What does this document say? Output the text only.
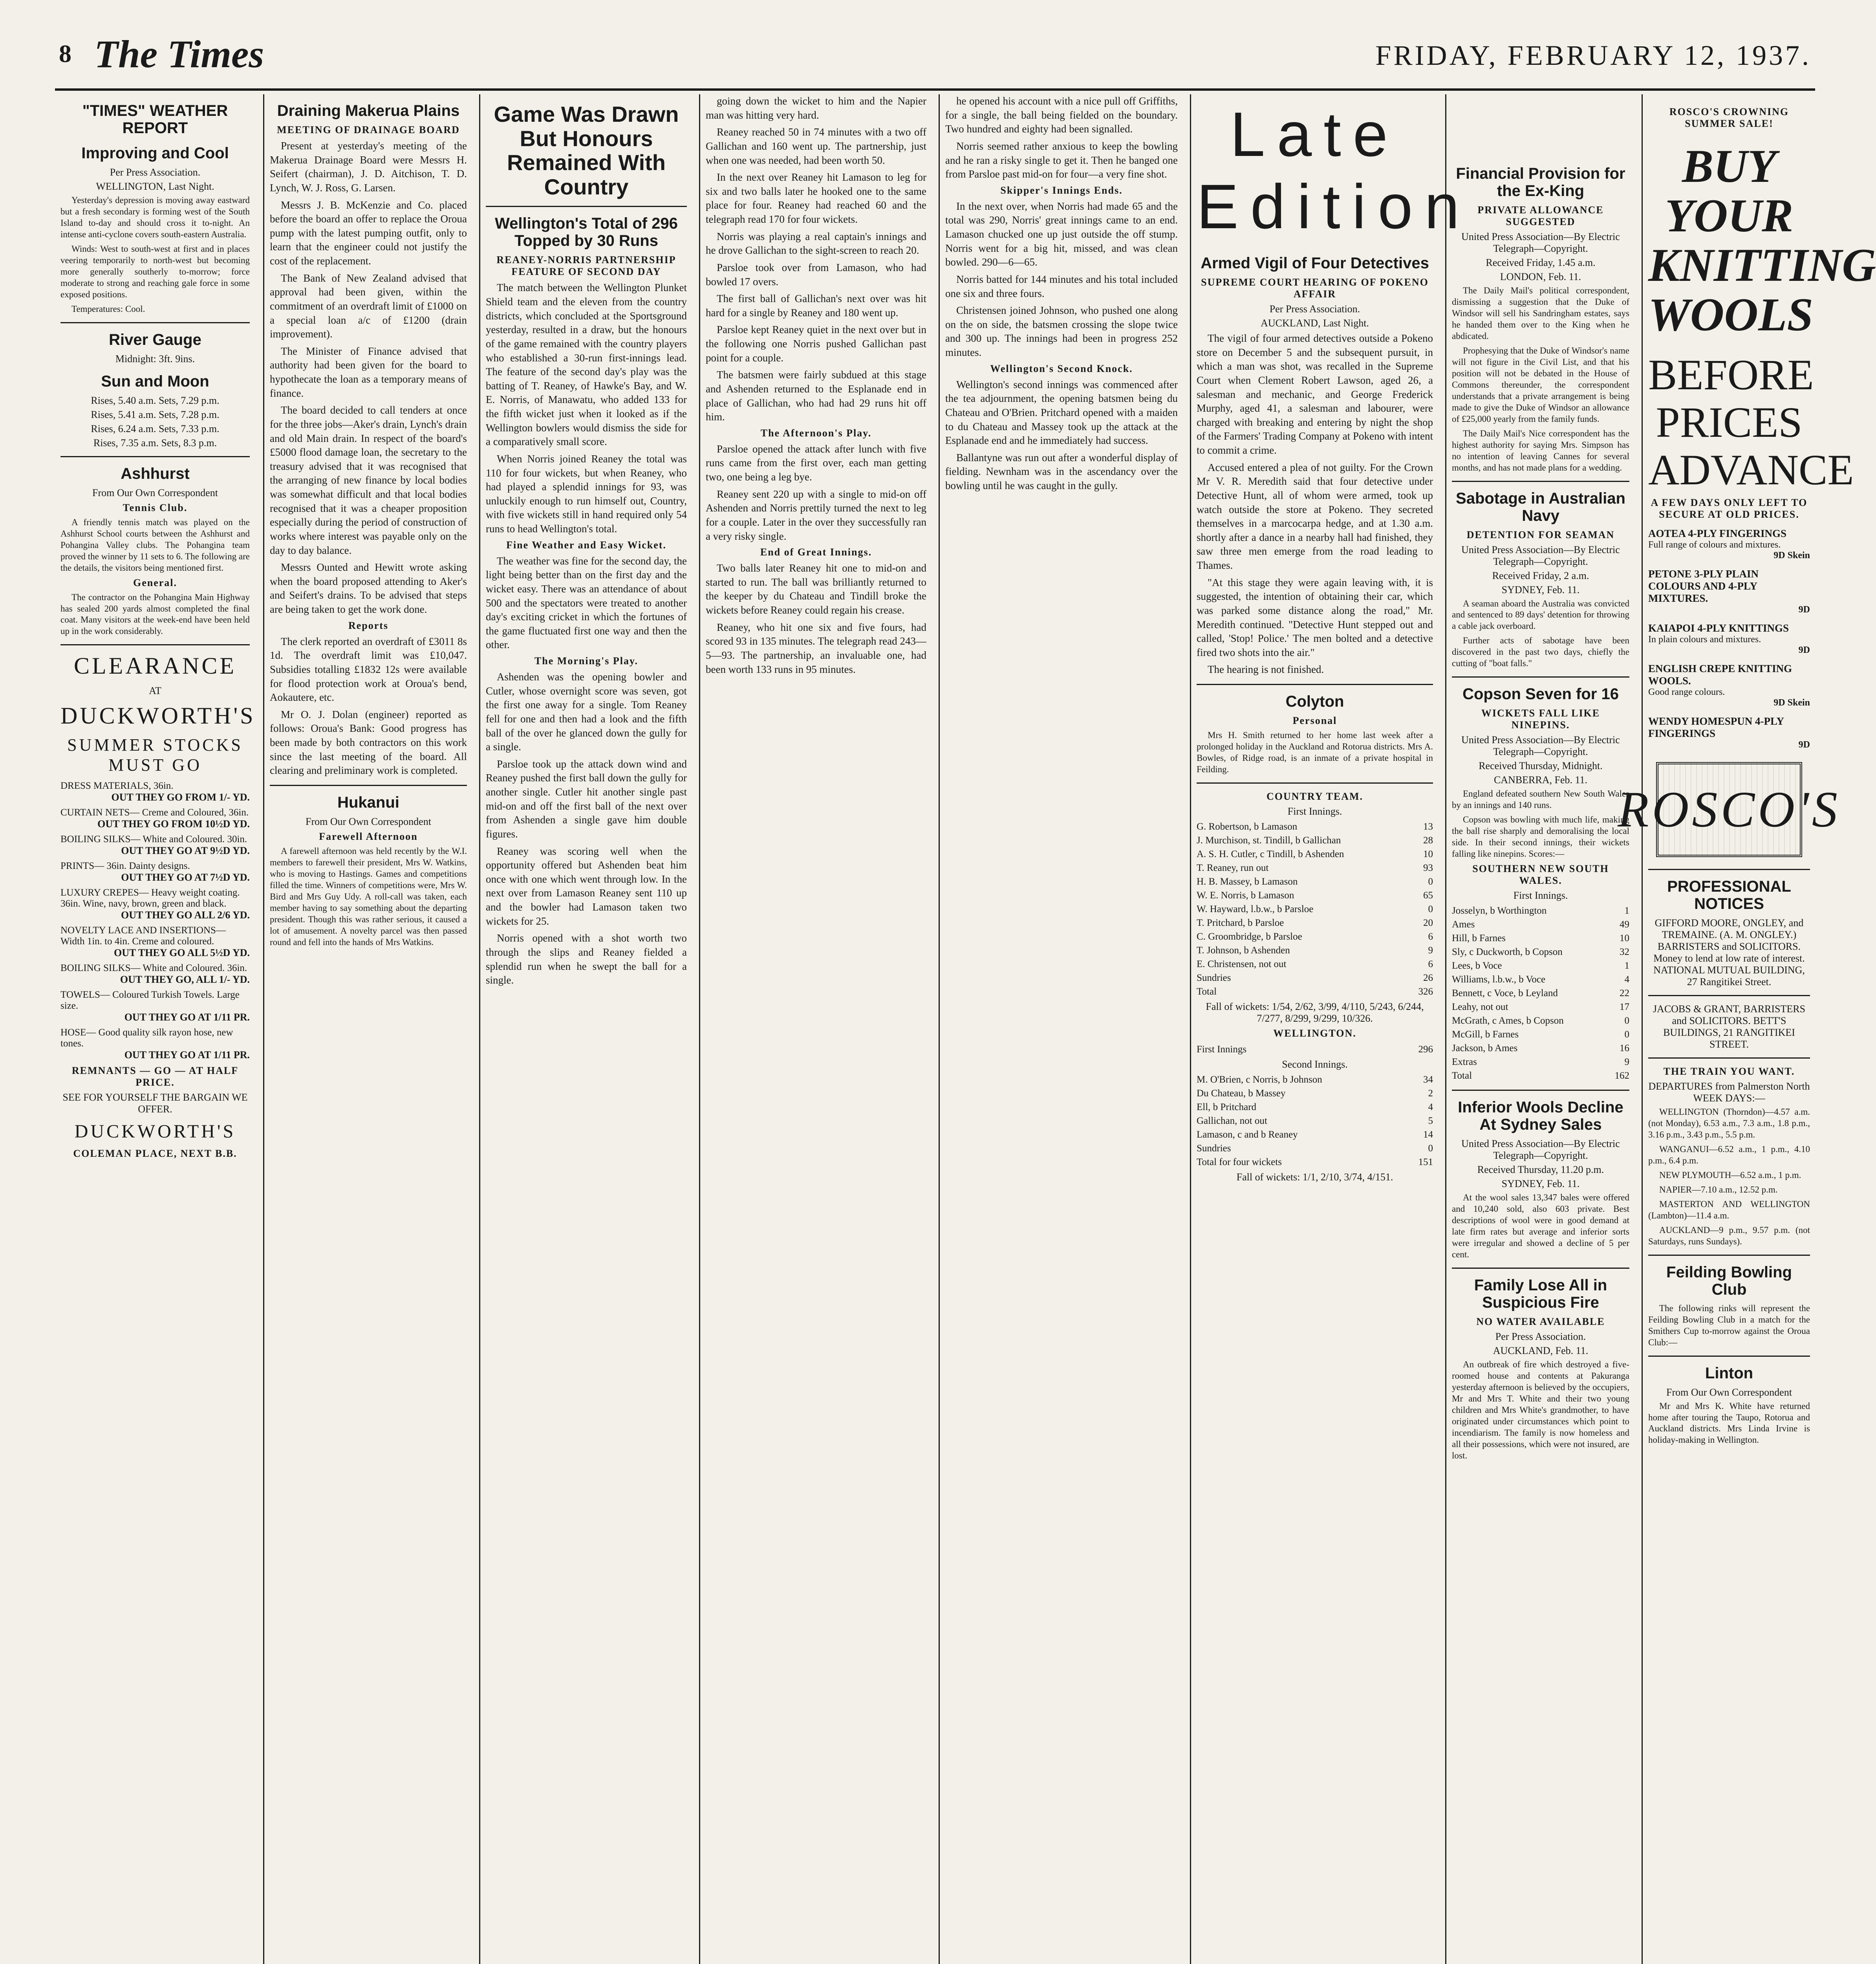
8 The Times	FRIDAY, FEBRUARY 12, 1937.
"TIMES" WEATHER REPORT
Improving and Cool
Per Press Association.
WELLINGTON, Last Night.

Yesterday's depression is moving away eastward but a fresh secondary is forming west of the South Island to-day and should cross it to-night. An intense anti-cyclone covers south-eastern Australia.

Winds: West to south-west at first and in places veering temporarily to north-west but becoming more generally southerly to-morrow; force moderate to strong and reaching gale force in some exposed positions.

Temperatures: Cool.

River Gauge
Midnight: 3ft. 9ins.
Sun and Moon
Rises, 5.40 a.m. Sets, 7.29 p.m.
Rises, 5.41 a.m. Sets, 7.28 p.m.
Rises, 6.24 a.m. Sets, 7.33 p.m.
Rises, 7.35 a.m. Sets, 8.3 p.m.
Ashhurst
From Our Own Correspondent
Tennis Club.

A friendly tennis match was played on the Ashhurst School courts between the Ashhurst and Pohangina Valley clubs. The Pohangina team proved the winner by 11 sets to 6. The following are the details, the visitors being mentioned first.

General.

The contractor on the Pohangina Main Highway has sealed 200 yards almost completed the final coat. Many visitors at the week-end have been held up in the work considerably.

CLEARANCE
AT
DUCKWORTH'S
SUMMER STOCKS MUST GO
DRESS MATERIALS, 36in.
OUT THEY GO FROM 1/- YD.
CURTAIN NETS— Creme and Coloured, 36in.
OUT THEY GO FROM 10½D YD.
BOILING SILKS— White and Coloured. 30in.
OUT THEY GO AT 9½D YD.
PRINTS— 36in. Dainty designs.
OUT THEY GO AT 7½D YD.
LUXURY CREPES— Heavy weight coating. 36in. Wine, navy, brown, green and black.
OUT THEY GO ALL 2/6 YD.
NOVELTY LACE AND INSERTIONS— Width 1in. to 4in. Creme and coloured.
OUT THEY GO ALL 5½D YD.
BOILING SILKS— White and Coloured. 36in.
OUT THEY GO, ALL 1/- YD.
TOWELS— Coloured Turkish Towels. Large size.
OUT THEY GO AT 1/11 PR.
HOSE— Good quality silk rayon hose, new tones.
OUT THEY GO AT 1/11 PR.
REMNANTS — GO — AT HALF PRICE.
SEE FOR YOURSELF THE BARGAIN WE OFFER.
DUCKWORTH'S
COLEMAN PLACE, NEXT B.B.
Draining Makerua Plains
MEETING OF DRAINAGE BOARD

Present at yesterday's meeting of the Makerua Drainage Board were Messrs H. Seifert (chairman), J. D. Aitchison, T. D. Lynch, W. J. Ross, G. Larsen.

Messrs J. B. McKenzie and Co. placed before the board an offer to replace the Oroua pump with the latest pumping outfit, only to learn that the engineer could not justify the cost of the replacement.

The Bank of New Zealand advised that approval had been given, within the commitment of an overdraft limit of £1000 on a special loan a/c of £1200 (drain improvement).

The Minister of Finance advised that authority had been given for the board to hypothecate the loan as a temporary means of finance.

The board decided to call tenders at once for the three jobs—Aker's drain, Lynch's drain and old Main drain. In respect of the board's £5000 flood damage loan, the secretary to the treasury advised that it was recognised that the arranging of new finance by local bodies was somewhat difficult and that local bodies recognised that it was a cheaper proposition especially during the period of construction of works where interest was payable only on the day to day balance.

Messrs Ounted and Hewitt wrote asking when the board proposed attending to Aker's and Seifert's drains. To be advised that steps are being taken to get the work done.

Reports

The clerk reported an overdraft of £3011 8s 1d. The overdraft limit was £10,047. Subsidies totalling £1832 12s were available for flood protection work at Oroua's bend, Aokautere, etc.

Mr O. J. Dolan (engineer) reported as follows: Oroua's Bank: Good progress has been made by both contractors on this work since the last meeting of the board. All clearing and preliminary work is completed.

Hukanui
From Our Own Correspondent
Farewell Afternoon

A farewell afternoon was held recently by the W.I. members to farewell their president, Mrs W. Watkins, who is moving to Hastings. Games and competitions filled the time. Winners of competitions were, Mrs W. Bird and Mrs Guy Udy. A roll-call was taken, each member having to say something about the departing president. Though this was rather serious, it caused a lot of amusement. A novelty parcel was then passed round and fell into the hands of Mrs Watkins.

Game Was Drawn But Honours Remained With Country
Wellington's Total of 296 Topped by 30 Runs
REANEY-NORRIS PARTNERSHIP FEATURE OF SECOND DAY

The match between the Wellington Plunket Shield team and the eleven from the country districts, which concluded at the Sportsground yesterday, resulted in a draw, but the honours of the game remained with the country players who established a 30-run first-innings lead. The feature of the second day's play was the batting of T. Reaney, of Hawke's Bay, and W. E. Norris, of Manawatu, who added 133 for the fifth wicket just when it looked as if the Wellington bowlers would dismiss the side for a comparatively small score.

When Norris joined Reaney the total was 110 for four wickets, but when Reaney, who had played a splendid innings for 93, was unluckily enough to run himself out, Country, with five wickets still in hand required only 54 runs to head Wellington's total.

Fine Weather and Easy Wicket.

The weather was fine for the second day, the light being better than on the first day and the wicket easy. There was an attendance of about 500 and the spectators were treated to another day's exciting cricket in which the fortunes of the game fluctuated first one way and then the other.

The Morning's Play.

Ashenden was the opening bowler and Cutler, whose overnight score was seven, got the first one away for a single. Tom Reaney fell for one and then had a look and the fifth ball of the over he glanced down the gully for a single.

Parsloe took up the attack down wind and Reaney pushed the first ball down the gully for another single. Cutler hit another single past mid-on and off the first ball of the next over from Ashenden a single gave him double figures.

Reaney was scoring well when the opportunity offered but Ashenden beat him once with one which went through low. In the next over from Lamason Reaney sent 110 up and the bowler had Lamason taken two wickets for 25.

Norris opened with a shot worth two through the slips and Reaney fielded a splendid run when he swept the ball for a single.

going down the wicket to him and the Napier man was hitting very hard.

Reaney reached 50 in 74 minutes with a two off Gallichan and 160 went up. The partnership, just when one was needed, had been worth 50.

In the next over Reaney hit Lamason to leg for six and two balls later he hooked one to the same place for four. Reaney had reached 60 and the telegraph read 170 for four wickets.

Norris was playing a real captain's innings and he drove Gallichan to the sight-screen to reach 20.

Parsloe took over from Lamason, who had bowled 17 overs.

The first ball of Gallichan's next over was hit hard for a single by Reaney and 180 went up.

Parsloe kept Reaney quiet in the next over but in the following one Norris pushed Gallichan past point for a couple.

The batsmen were fairly subdued at this stage and Ashenden returned to the Esplanade end in place of Gallichan, who had had 29 runs hit off him.

The Afternoon's Play.

Parsloe opened the attack after lunch with five runs came from the first over, each man getting two, one being a leg bye.

Reaney sent 220 up with a single to mid-on off Ashenden and Norris prettily turned the next to leg for a couple. Later in the over they successfully ran a very risky single.

End of Great Innings.

Two balls later Reaney hit one to mid-on and started to run. The ball was brilliantly returned to the keeper by du Chateau and Tindill broke the wickets before Reaney could regain his crease.

Reaney, who hit one six and five fours, had scored 93 in 135 minutes. The telegraph read 243—5—93. The partnership, an invaluable one, had been worth 133 runs in 95 minutes.

he opened his account with a nice pull off Griffiths, for a single, the ball being fielded on the boundary. Two hundred and eighty had been signalled.

Norris seemed rather anxious to keep the bowling and he ran a risky single to get it. Then he banged one from Parsloe past mid-on for four—a very fine shot.

Skipper's Innings Ends.

In the next over, when Norris had made 65 and the total was 290, Norris' great innings came to an end. Lamason chucked one up just outside the off stump. Norris went for a big hit, missed, and was clean bowled. 290—6—65.

Norris batted for 144 minutes and his total included one six and three fours.

Christensen joined Johnson, who pushed one along on the on side, the batsmen crossing the slope twice and 300 up. The innings had been in progress 252 minutes.

Wellington's Second Knock.

Wellington's second innings was commenced after the tea adjournment, the opening batsmen being du Chateau and O'Brien. Pritchard opened with a maiden to du Chateau and Massey took up the attack at the Esplanade end and he immediately had success.

Ballantyne was run out after a wonderful display of fielding. Newnham was in the ascendancy over the bowling until he was caught in the gully.

Late Edition
Armed Vigil of Four Detectives
SUPREME COURT HEARING OF POKENO AFFAIR
Per Press Association.
AUCKLAND, Last Night.

The vigil of four armed detectives outside a Pokeno store on December 5 and the subsequent pursuit, in which a man was shot, was recalled in the Supreme Court when Clement Robert Lawson, aged 26, a salesman and mechanic, and George Frederick Murphy, aged 41, a salesman and labourer, were charged with breaking and entering by night the shop of the Farmers' Trading Company at Pokeno with intent to commit a crime.

Accused entered a plea of not guilty. For the Crown Mr V. R. Meredith said that four detective under Detective Hunt, all of whom were armed, took up watch outside the store at Pokeno. They secreted themselves in a marcocarpa hedge, and at 1.30 a.m. shortly after a dance in a nearby hall had finished, they saw three men emerge from the road leading to Thames.

"At this stage they were again leaving with, it is suggested, the intention of obtaining their car, which was parked some distance along the road," Mr. Meredith continued. "Detective Hunt stepped out and called, 'Stop! Police.' The men bolted and a detective fired two shots into the air."

The hearing is not finished.

Colyton
Personal

Mrs H. Smith returned to her home last week after a prolonged holiday in the Auckland and Rotorua districts. Mrs A. Bowles, of Ridge road, is an inmate of a private hospital in Feilding.

COUNTRY TEAM.
First Innings.
G. Robertson, b Lamason	13
J. Murchison, st. Tindill, b Gallichan	28
A. S. H. Cutler, c Tindill, b Ashenden	10
T. Reaney, run out	93
H. B. Massey, b Lamason	0
W. E. Norris, b Lamason	65
W. Hayward, l.b.w., b Parsloe	0
T. Pritchard, b Parsloe	20
C. Groombridge, b Parsloe	6
T. Johnson, b Ashenden	9
E. Christensen, not out	6
Sundries	26
Total	326
Fall of wickets: 1/54, 2/62, 3/99, 4/110, 5/243, 6/244, 7/277, 8/299, 9/299, 10/326.
WELLINGTON.
First Innings	296
Second Innings.
M. O'Brien, c Norris, b Johnson	34
Du Chateau, b Massey	2
Ell, b Pritchard	4
Gallichan, not out	5
Lamason, c and b Reaney	14
Sundries	0
Total for four wickets	151
Fall of wickets: 1/1, 2/10, 3/74, 4/151.
Financial Provision for the Ex-King
PRIVATE ALLOWANCE SUGGESTED
United Press Association—By Electric Telegraph—Copyright.
Received Friday, 1.45 a.m.
LONDON, Feb. 11.

The Daily Mail's political correspondent, dismissing a suggestion that the Duke of Windsor will sell his Sandringham estates, says he handed them over to the King when he abdicated.

Prophesying that the Duke of Windsor's name will not figure in the Civil List, and that his position will not be debated in the House of Commons thereunder, the correspondent understands that a private arrangement is being made to give the Duke of Windsor an allowance of £25,000 yearly from the family funds.

The Daily Mail's Nice correspondent has the highest authority for saying Mrs. Simpson has no intention of leaving Cannes for several months, and has not made plans for a wedding.

Sabotage in Australian Navy
DETENTION FOR SEAMAN
United Press Association—By Electric Telegraph—Copyright.
Received Friday, 2 a.m.
SYDNEY, Feb. 11.

A seaman aboard the Australia was convicted and sentenced to 89 days' detention for throwing a cable jack overboard.

Further acts of sabotage have been discovered in the past two days, chiefly the cutting of "boat falls."

Copson Seven for 16
WICKETS FALL LIKE NINEPINS.
United Press Association—By Electric Telegraph—Copyright.
Received Thursday, Midnight.
CANBERRA, Feb. 11.

England defeated southern New South Wales by an innings and 140 runs.

Copson was bowling with much life, making the ball rise sharply and demoralising the local side. In their second innings, their wickets falling like ninepins. Scores:—

SOUTHERN NEW SOUTH WALES.
First Innings.
Josselyn, b Worthington	1
Ames	49
Hill, b Farnes	10
Sly, c Duckworth, b Copson	32
Lees, b Voce	1
Williams, l.b.w., b Voce	4
Bennett, c Voce, b Leyland	22
Leahy, not out	17
McGrath, c Ames, b Copson	0
McGill, b Farnes	0
Jackson, b Ames	16
Extras	9
Total	162
Inferior Wools Decline At Sydney Sales
United Press Association—By Electric Telegraph—Copyright.
Received Thursday, 11.20 p.m.
SYDNEY, Feb. 11.

At the wool sales 13,347 bales were offered and 10,240 sold, also 603 private. Best descriptions of wool were in good demand at late firm rates but average and inferior sorts were irregular and showed a decline of 5 per cent.

Family Lose All in Suspicious Fire
NO WATER AVAILABLE
Per Press Association.
AUCKLAND, Feb. 11.

An outbreak of fire which destroyed a five-roomed house and contents at Pakuranga yesterday afternoon is believed by the occupiers, Mr and Mrs T. White and their two young children and Mrs White's grandmother, to have originated under circumstances which point to incendiarism. The family is now homeless and all their possessions, which were not insured, are lost.

ROSCO'S CROWNING SUMMER SALE!
BUY YOUR KNITTING WOOLS
BEFORE PRICES ADVANCE
A FEW DAYS ONLY LEFT TO SECURE AT OLD PRICES.
AOTEA 4-PLY FINGERINGS
Full range of colours and mixtures.
9D Skein
PETONE 3-PLY PLAIN COLOURS AND 4-PLY MIXTURES.
9D
KAIAPOI 4-PLY KNITTINGS
In plain colours and mixtures.
9D
ENGLISH CREPE KNITTING WOOLS.
Good range colours.
9D Skein
WENDY HOMESPUN 4-PLY FINGERINGS
9D
ROSCO'S
PROFESSIONAL NOTICES
GIFFORD MOORE, ONGLEY, and TREMAINE. (A. M. ONGLEY.) BARRISTERS and SOLICITORS. Money to lend at low rate of interest. NATIONAL MUTUAL BUILDING, 27 Rangitikei Street.
JACOBS & GRANT, BARRISTERS and SOLICITORS. BETT'S BUILDINGS, 21 RANGITIKEI STREET.
THE TRAIN YOU WANT.
DEPARTURES from Palmerston North WEEK DAYS:—

WELLINGTON (Thorndon)—4.57 a.m. (not Monday), 6.53 a.m., 7.3 a.m., 1.8 p.m., 3.16 p.m., 3.43 p.m., 5.5 p.m.

WANGANUI—6.52 a.m., 1 p.m., 4.10 p.m., 6.4 p.m.

NEW PLYMOUTH—6.52 a.m., 1 p.m.

NAPIER—7.10 a.m., 12.52 p.m.

MASTERTON AND WELLINGTON (Lambton)—11.4 a.m.

AUCKLAND—9 p.m., 9.57 p.m. (not Saturdays, runs Sundays).

Feilding Bowling Club

The following rinks will represent the Feilding Bowling Club in a match for the Smithers Cup to-morrow against the Oroua Club:—

Linton
From Our Own Correspondent

Mr and Mrs K. White have returned home after touring the Taupo, Rotorua and Auckland districts. Mrs Linda Irvine is holiday-making in Wellington.
